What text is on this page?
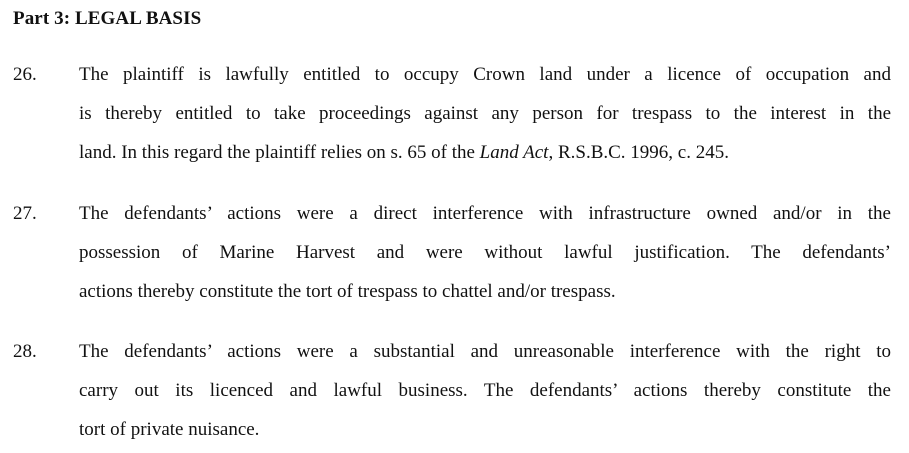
Part 3: LEGAL BASIS
26. The plaintiff is lawfully entitled to occupy Crown land under a licence of occupation and
is thereby entitled to take proceedings against any person for trespass to the interest in the
land. In this regard the plaintiff relies on s. 65 of the Land Act, R.S.B.C. 1996, c. 245.
27. The defendants’ actions were a direct interference with infrastructure owned and/or in the
possession of Marine Harvest and were without lawful justification. The defendants’
actions thereby constitute the tort of trespass to chattel and/or trespass.
28. The defendants’ actions were a substantial and unreasonable interference with the right to
carry out its licenced and lawful business. The defendants’ actions thereby constitute the
tort of private nuisance.
